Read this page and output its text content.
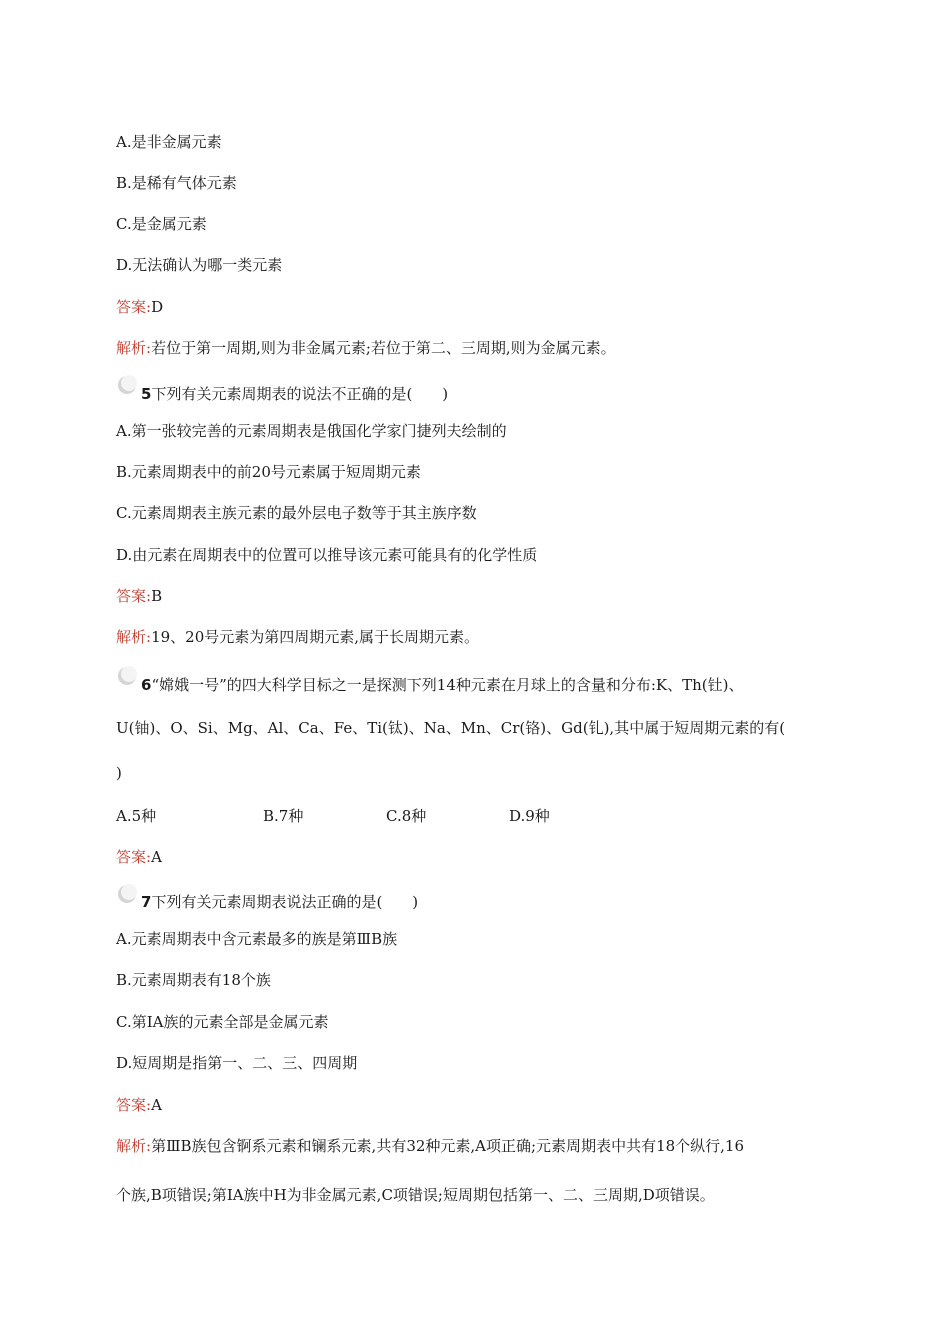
A.是非金属元素
B.是稀有气体元素
C.是金属元素
D.无法确认为哪一类元素
答案:D
解析:若位于第一周期,则为非金属元素;若位于第二、三周期,则为金属元素。
5下列有关元素周期表的说法不正确的是(　　)
A.第一张较完善的元素周期表是俄国化学家门捷列夫绘制的
B.元素周期表中的前20号元素属于短周期元素
C.元素周期表主族元素的最外层电子数等于其主族序数
D.由元素在周期表中的位置可以推导该元素可能具有的化学性质
答案:B
解析:19、20号元素为第四周期元素,属于长周期元素。
6“嫦娥一号”的四大科学目标之一是探测下列14种元素在月球上的含量和分布:K、Th(钍)、
U(铀)、O、Si、Mg、Al、Ca、Fe、Ti(钛)、Na、Mn、Cr(铬)、Gd(钆),其中属于短周期元素的有(
)
A.5种	B.7种	C.8种	D.9种
答案:A
7下列有关元素周期表说法正确的是(　　)
A.元素周期表中含元素最多的族是第ⅢB族
B.元素周期表有18个族
C.第ⅠA族的元素全部是金属元素
D.短周期是指第一、二、三、四周期
答案:A
解析:第ⅢB族包含锕系元素和镧系元素,共有32种元素,A项正确;元素周期表中共有18个纵行,16
个族,B项错误;第ⅠA族中H为非金属元素,C项错误;短周期包括第一、二、三周期,D项错误。
